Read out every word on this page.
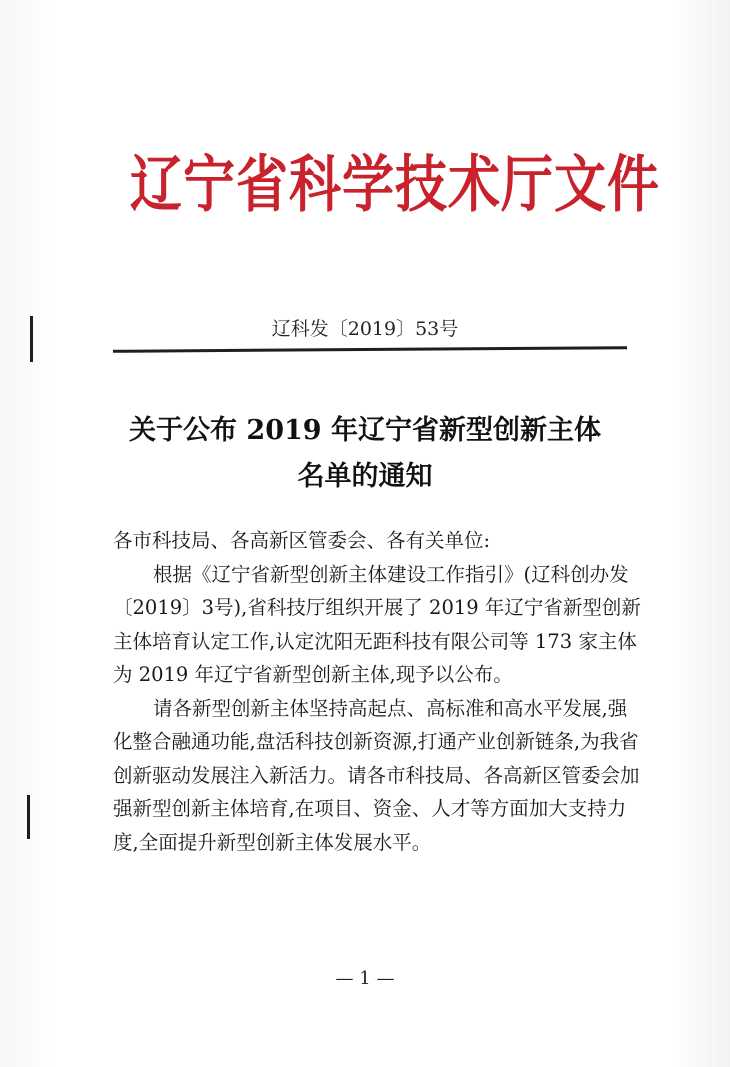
辽宁省科学技术厅文件
辽科发〔2019〕53号
关于公布 2019 年辽宁省新型创新主体
名单的通知

各市科技局、各高新区管委会、各有关单位:

根据《辽宁省新型创新主体建设工作指引》(辽科创办发〔2019〕3号),省科技厅组织开展了 2019 年辽宁省新型创新主体培育认定工作,认定沈阳无距科技有限公司等 173 家主体为 2019 年辽宁省新型创新主体,现予以公布。

请各新型创新主体坚持高起点、高标准和高水平发展,强化整合融通功能,盘活科技创新资源,打通产业创新链条,为我省创新驱动发展注入新活力。请各市科技局、各高新区管委会加强新型创新主体培育,在项目、资金、人才等方面加大支持力度,全面提升新型创新主体发展水平。

— 1 —
